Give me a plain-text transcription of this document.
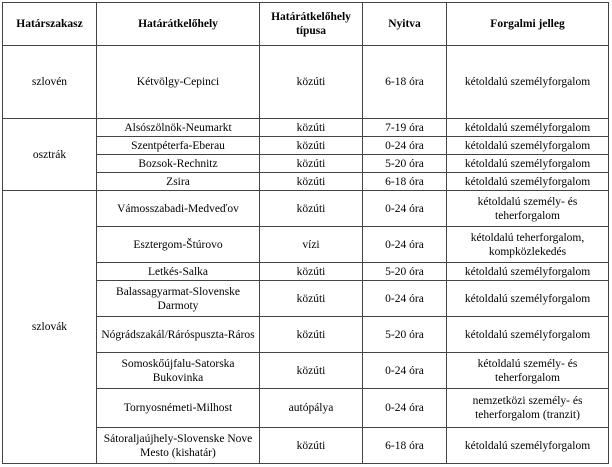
Határszakasz	Határátkelőhely	Határátkelőhely típusa	Nyitva	Forgalmi jelleg
szlovén	Kétvölgy-Cepinci	közúti	6-18 óra	kétoldalú személyforgalom
osztrák	Alsószölnök-Neumarkt	közúti	7-19 óra	kétoldalú személyforgalom
	Szentpéterfa-Eberau	közúti	0-24 óra	kétoldalú személyforgalom
	Bozsok-Rechnitz	közúti	5-20 óra	kétoldalú személyforgalom
	Zsira	közúti	6-18 óra	kétoldalú személyforgalom
szlovák	Vámosszabadi-Medveďov	közúti	0-24 óra	kétoldalú személy- és teherforgalom
	Esztergom-Štúrovo	vízi	0-24 óra	kétoldalú teherforgalom, kompközlekedés
	Letkés-Salka	közúti	5-20 óra	kétoldalú személyforgalom
	Balassagyarmat-Slovenske Darmoty	közúti	0-24 óra	kétoldalú személyforgalom
	Nógrádszakál/Ráróspuszta-Ráros	közúti	5-20 óra	kétoldalú személyforgalom
	Somoskőújfalu-Satorska Bukovinka	közúti	0-24 óra	kétoldalú személy- és teherforgalom
	Tornyosnémeti-Milhost	autópálya	0-24 óra	nemzetközi személy- és teherforgalom (tranzit)
	Sátoraljaújhely-Slovenske Nove Mesto (kishatár)	közúti	6-18 óra	kétoldalú személyforgalom
